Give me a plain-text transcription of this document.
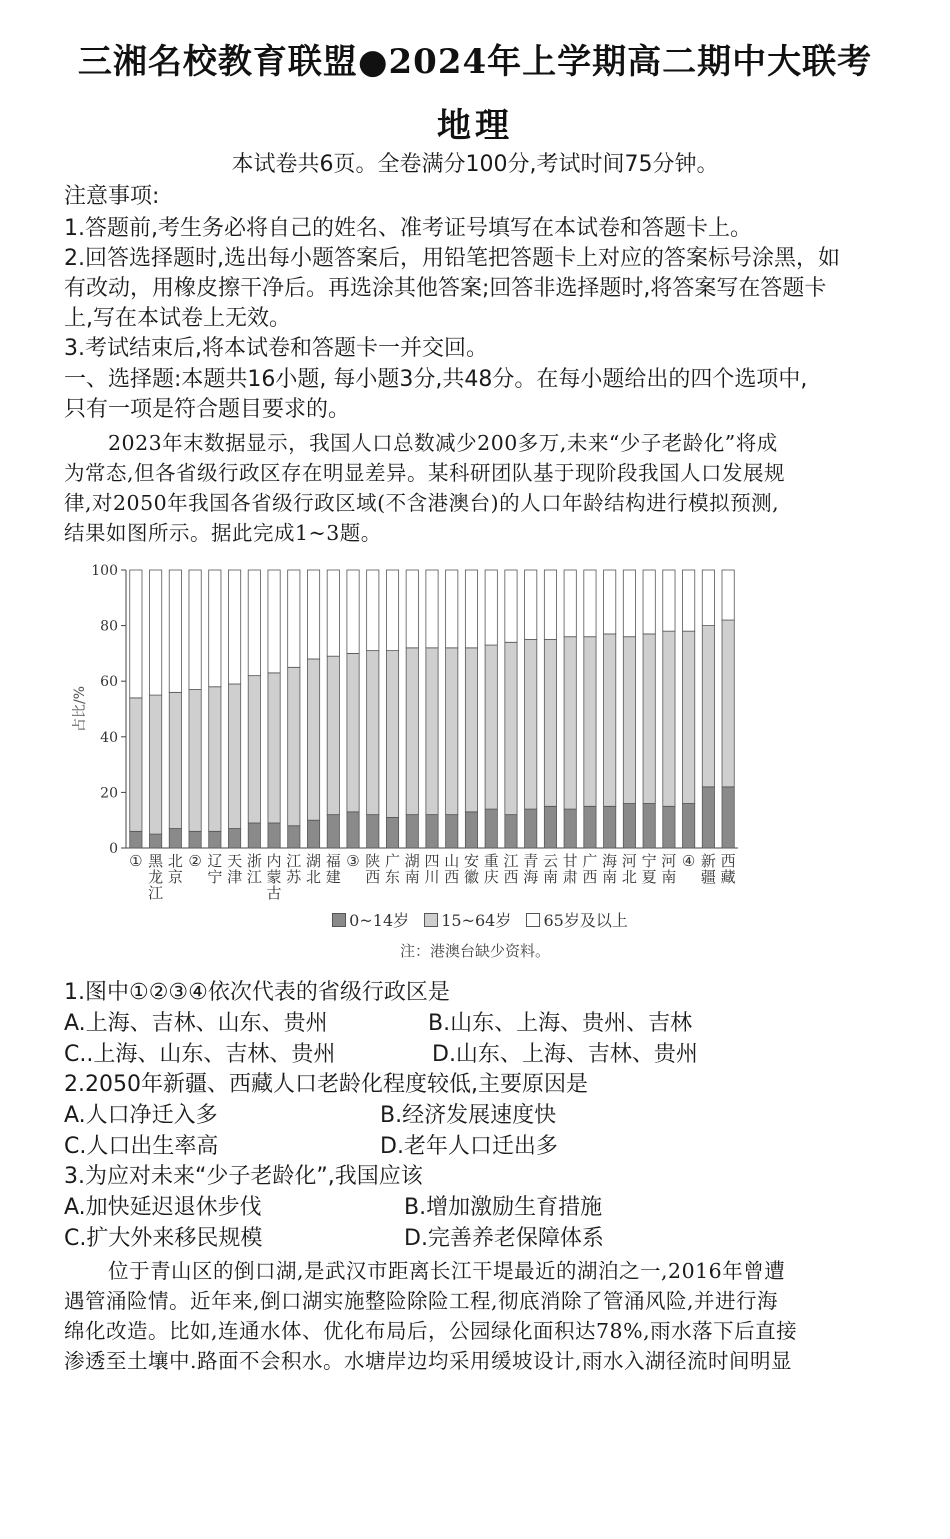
三湘名校教育联盟●2024年上学期高二期中大联考
地理
本试卷共6页。全卷满分100分,考试时间75分钟。
注意事项:
1.答题前,考生务必将自己的姓名、准考证号填写在本试卷和答题卡上。
2.回答选择题时,选出每小题答案后，用铅笔把答题卡上对应的答案标号涂黑，如
有改动，用橡皮擦干净后。再选涂其他答案;回答非选择题时,将答案写在答题卡
上,写在本试卷上无效。
3.考试结束后,将本试卷和答题卡一并交回。
一、选择题:本题共16小题, 每小题3分,共48分。在每小题给出的四个选项中,
只有一项是符合题目要求的。
2023年末数据显示，我国人口总数减少200多万,未来“少子老龄化”将成
为常态,但各省级行政区存在明显差异。某科研团队基于现阶段我国人口发展规
律,对2050年我国各省级行政区域(不含港澳台)的人口年龄结构进行模拟预测,
结果如图所示。据此完成1~3题。
0
20
40
60
80
100
占比/%
① 黑龙江
北京
② 辽宁
天津
浙江
内蒙古
江苏
湖北
福建
③ 陕西
广东
湖南
四川
山西
安徽
重庆
江西
青海
云南
甘肃
广西
海南
河北
宁夏
河南
④ 新疆
西藏
0~14岁 15~64岁 65岁及以上
注：港澳台缺少资料。
1.图中①②③④依次代表的省级行政区是
A.上海、吉林、山东、贵州	B.山东、上海、贵州、吉林
C..上海、山东、吉林、贵州	D.山东、上海、吉林、贵州
2.2050年新疆、西藏人口老龄化程度较低,主要原因是
A.人口净迁入多	B.经济发展速度快
C.人口出生率高	D.老年人口迁出多
3.为应对未来“少子老龄化”,我国应该
A.加快延迟退休步伐	B.增加激励生育措施
C.扩大外来移民规模	D.完善养老保障体系
位于青山区的倒口湖,是武汉市距离长江干堤最近的湖泊之一,2016年曾遭
遇管涌险情。近年来,倒口湖实施整险除险工程,彻底消除了管涌风险,并进行海
绵化改造。比如,连通水体、优化布局后，公园绿化面积达78%,雨水落下后直接
渗透至土壤中.路面不会积水。水塘岸边均采用缓坡设计,雨水入湖径流时间明显
